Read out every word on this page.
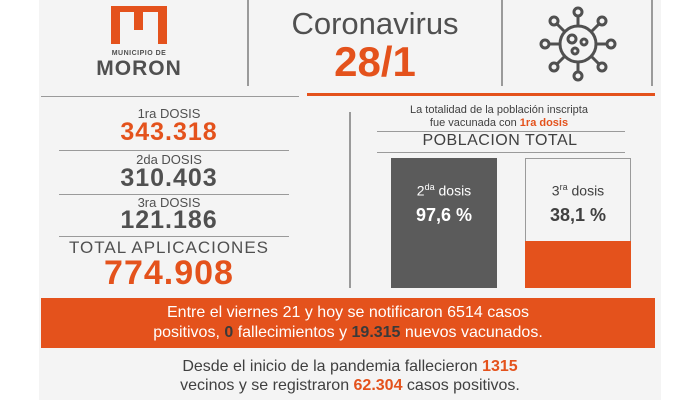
MUNICIPIO DE
MORON
Coronavirus
28/1
1ra DOSIS
343.318
2da DOSIS
310.403
3ra DOSIS
121.186
TOTAL APLICACIONES
774.908
La totalidad de la población inscripta
fue vacunada con 1ra dosis
POBLACION TOTAL
$2^{da}$ dosis
97,6 %
$3^{ra}$ dosis
38,1 %
Entre el viernes 21 y hoy se notificaron 6514 casos
positivos, 0 fallecimientos y 19.315 nuevos vacunados.
Desde el inicio de la pandemia fallecieron 1315
vecinos y se registraron 62.304 casos positivos.
